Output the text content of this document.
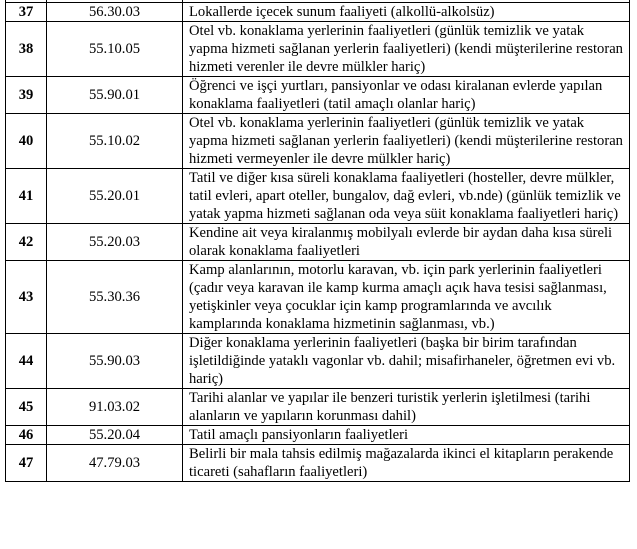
37	56.30.03	Lokallerde içecek sunum faaliyeti (alkollü-alkolsüz)
38	55.10.05	Otel vb. konaklama yerlerinin faaliyetleri (günlük temizlik ve yatak yapma hizmeti sağlanan yerlerin faaliyetleri) (kendi müşterilerine restoran hizmeti verenler ile devre mülkler hariç)
39	55.90.01	Öğrenci ve işçi yurtları, pansiyonlar ve odası kiralanan evlerde yapılan konaklama faaliyetleri (tatil amaçlı olanlar hariç)
40	55.10.02	Otel vb. konaklama yerlerinin faaliyetleri (günlük temizlik ve yatak yapma hizmeti sağlanan yerlerin faaliyetleri) (kendi müşterilerine restoran hizmeti vermeyenler ile devre mülkler hariç)
41	55.20.01	Tatil ve diğer kısa süreli konaklama faaliyetleri (hosteller, devre mülkler, tatil evleri, apart oteller, bungalov, dağ evleri, vb.nde) (günlük temizlik ve yatak yapma hizmeti sağlanan oda veya süit konaklama faaliyetleri hariç)
42	55.20.03	Kendine ait veya kiralanmış mobilyalı evlerde bir aydan daha kısa süreli olarak konaklama faaliyetleri
43	55.30.36	Kamp alanlarının, motorlu karavan, vb. için park yerlerinin faaliyetleri (çadır veya karavan ile kamp kurma amaçlı açık hava tesisi sağlanması, yetişkinler veya çocuklar için kamp programlarında ve avcılık kamplarında konaklama hizmetinin sağlanması, vb.)
44	55.90.03	Diğer konaklama yerlerinin faaliyetleri (başka bir birim tarafından işletildiğinde yataklı vagonlar vb. dahil; misafirhaneler, öğretmen evi vb. hariç)
45	91.03.02	Tarihi alanlar ve yapılar ile benzeri turistik yerlerin işletilmesi (tarihi alanların ve yapıların korunması dahil)
46	55.20.04	Tatil amaçlı pansiyonların faaliyetleri
47	47.79.03	Belirli bir mala tahsis edilmiş mağazalarda ikinci el kitapların perakende ticareti (sahafların faaliyetleri)
